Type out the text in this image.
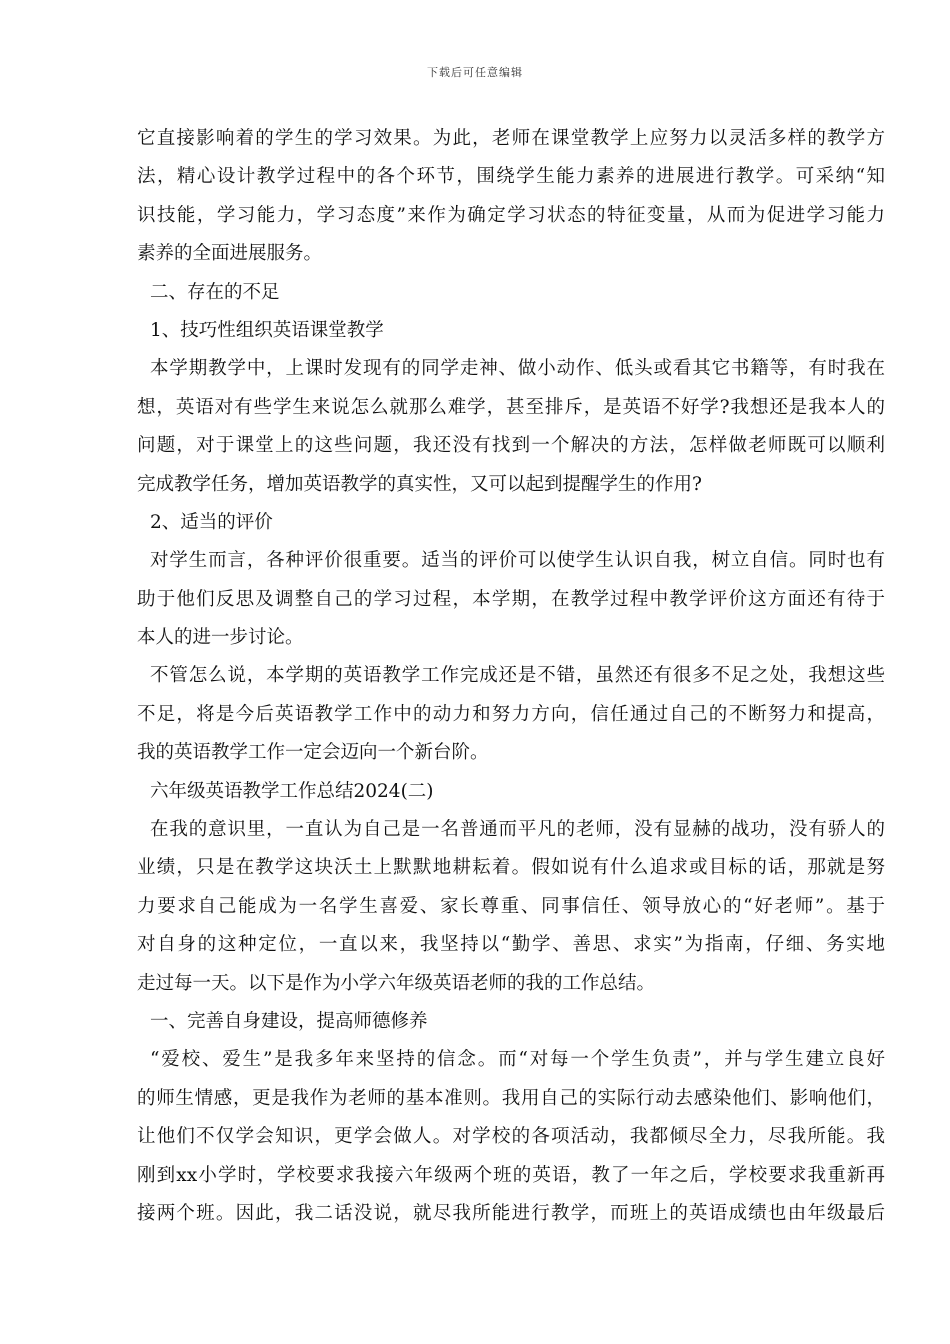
下载后可任意编辑
它直接影响着的学生的学习效果。为此，老师在课堂教学上应努力以灵活多样的教学方
法，精心设计教学过程中的各个环节，围绕学生能力素养的进展进行教学。可采纳“知
识技能，学习能力，学习态度”来作为确定学习状态的特征变量，从而为促进学习能力
素养的全面进展服务。
二、存在的不足
1、技巧性组织英语课堂教学
本学期教学中，上课时发现有的同学走神、做小动作、低头或看其它书籍等，有时我在
想，英语对有些学生来说怎么就那么难学，甚至排斥，是英语不好学?我想还是我本人的
问题，对于课堂上的这些问题，我还没有找到一个解决的方法，怎样做老师既可以顺利
完成教学任务，增加英语教学的真实性，又可以起到提醒学生的作用?
2、适当的评价
对学生而言，各种评价很重要。适当的评价可以使学生认识自我，树立自信。同时也有
助于他们反思及调整自己的学习过程，本学期，在教学过程中教学评价这方面还有待于
本人的进一步讨论。
不管怎么说，本学期的英语教学工作完成还是不错，虽然还有很多不足之处，我想这些
不足，将是今后英语教学工作中的动力和努力方向，信任通过自己的不断努力和提高，
我的英语教学工作一定会迈向一个新台阶。
六年级英语教学工作总结2024(二)
在我的意识里，一直认为自己是一名普通而平凡的老师，没有显赫的战功，没有骄人的
业绩，只是在教学这块沃土上默默地耕耘着。假如说有什么追求或目标的话，那就是努
力要求自己能成为一名学生喜爱、家长尊重、同事信任、领导放心的“好老师”。基于
对自身的这种定位，一直以来，我坚持以“勤学、善思、求实”为指南，仔细、务实地
走过每一天。以下是作为小学六年级英语老师的我的工作总结。
一、完善自身建设，提高师德修养
“爱校、爱生”是我多年来坚持的信念。而“对每一个学生负责”，并与学生建立良好
的师生情感，更是我作为老师的基本准则。我用自己的实际行动去感染他们、影响他们，
让他们不仅学会知识，更学会做人。对学校的各项活动，我都倾尽全力，尽我所能。我
刚到xx小学时，学校要求我接六年级两个班的英语，教了一年之后，学校要求我重新再
接两个班。因此，我二话没说，就尽我所能进行教学，而班上的英语成绩也由年级最后
